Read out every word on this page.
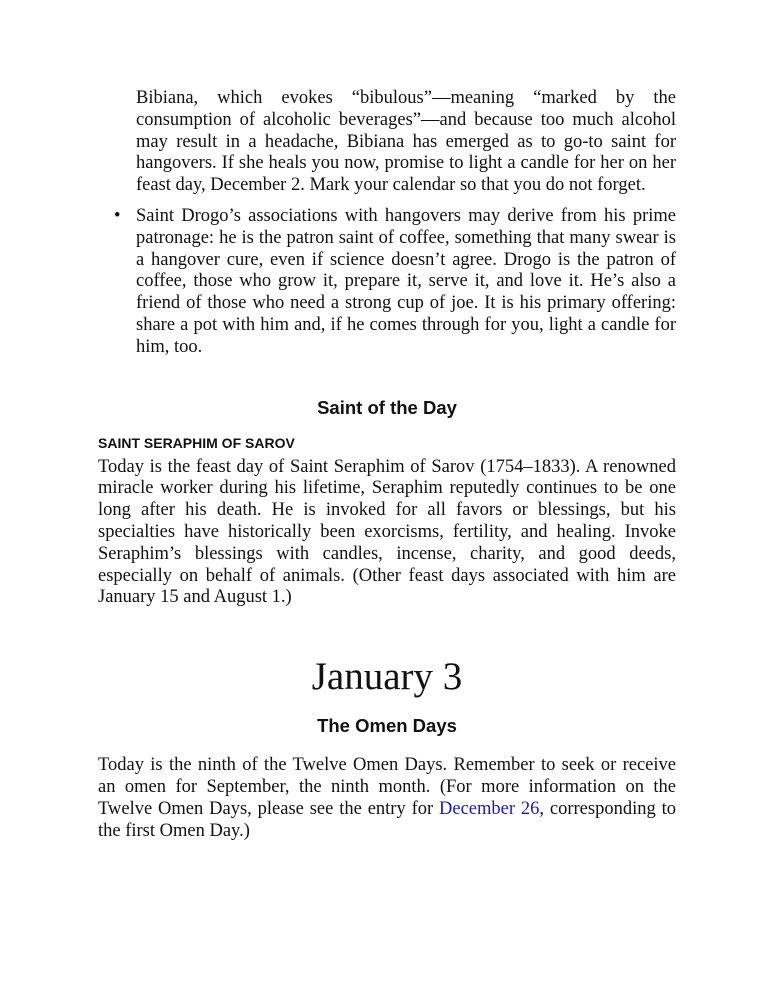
Bibiana, which evokes “bibulous”—meaning “marked by the consumption of alcoholic beverages”—and because too much alcohol may result in a headache, Bibiana has emerged as to go-to saint for hangovers. If she heals you now, promise to light a candle for her on her feast day, December 2. Mark your calendar so that you do not forget.

• Saint Drogo’s associations with hangovers may derive from his prime patronage: he is the patron saint of coffee, something that many swear is a hangover cure, even if science doesn’t agree. Drogo is the patron of coffee, those who grow it, prepare it, serve it, and love it. He’s also a friend of those who need a strong cup of joe. It is his primary offering: share a pot with him and, if he comes through for you, light a candle for him, too.
Saint of the Day
SAINT SERAPHIM OF SAROV

Today is the feast day of Saint Seraphim of Sarov (1754–1833). A renowned miracle worker during his lifetime, Seraphim reputedly continues to be one long after his death. He is invoked for all favors or blessings, but his specialties have historically been exorcisms, fertility, and healing. Invoke Seraphim’s blessings with candles, incense, charity, and good deeds, especially on behalf of animals. (Other feast days associated with him are January 15 and August 1.)

January 3
The Omen Days

Today is the ninth of the Twelve Omen Days. Remember to seek or receive an omen for September, the ninth month. (For more information on the Twelve Omen Days, please see the entry for December 26, corresponding to the first Omen Day.)
